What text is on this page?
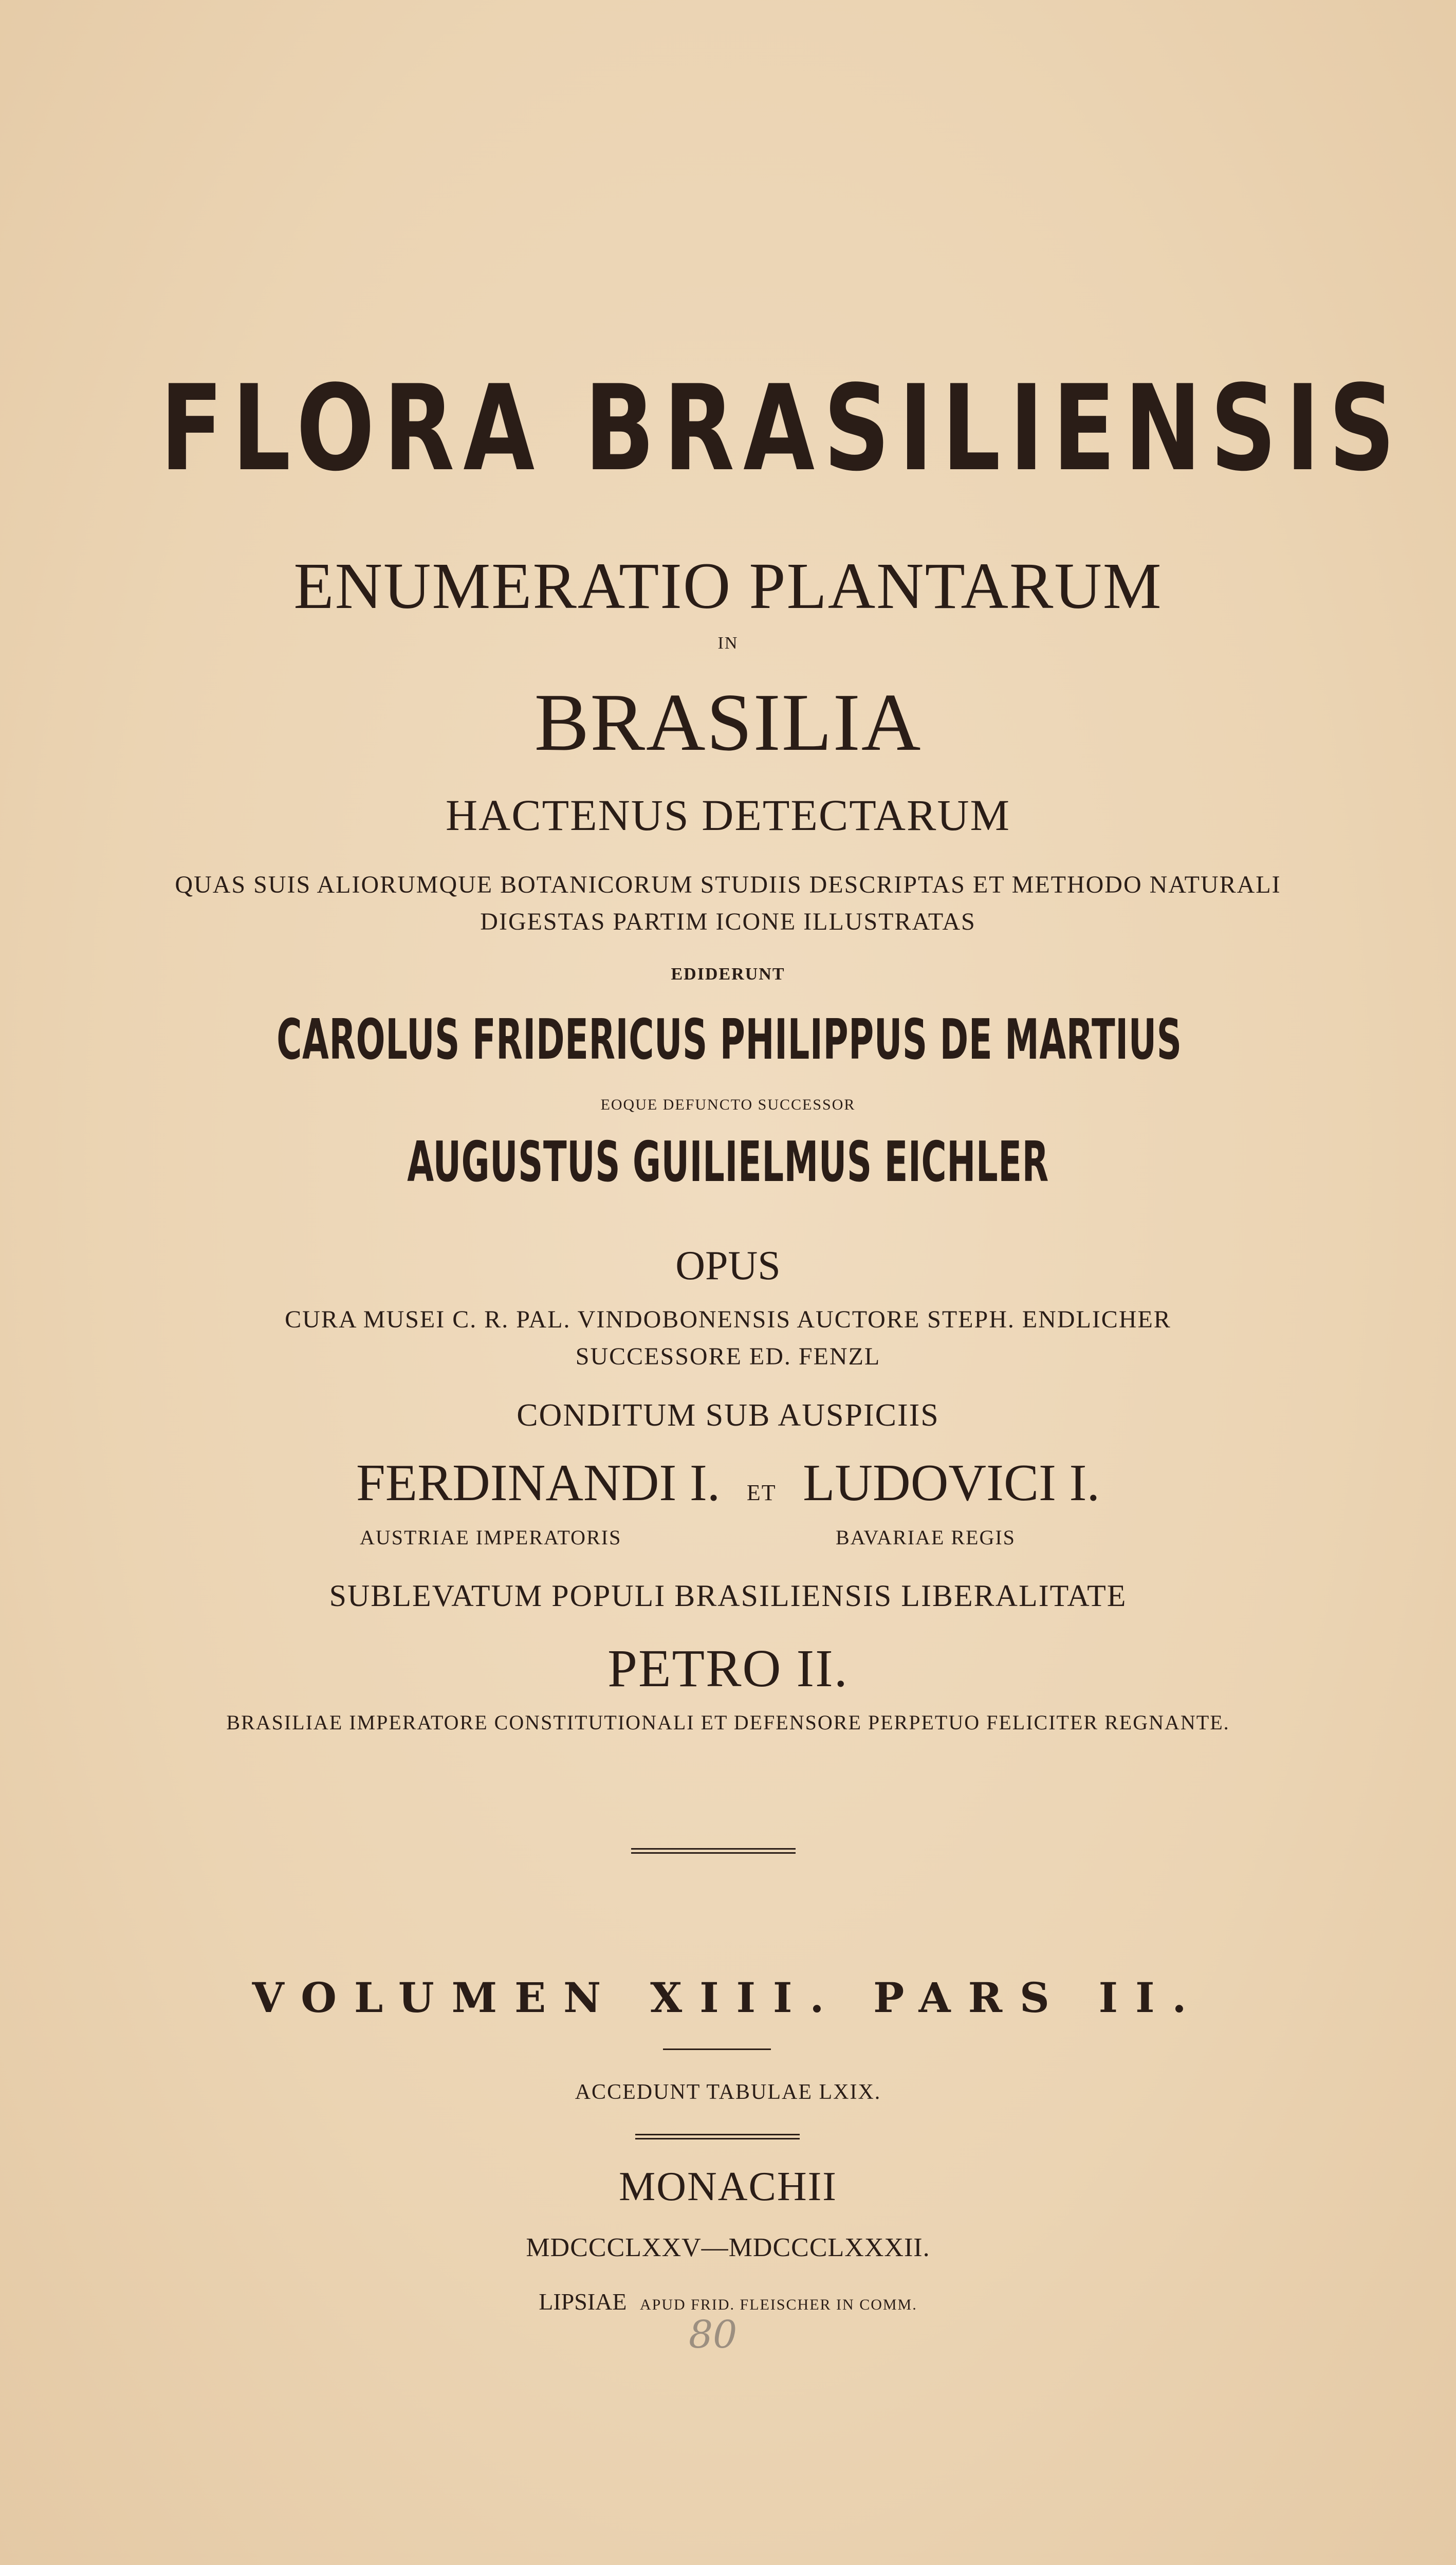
FLORA BRASILIENSIS
ENUMERATIO PLANTARUM
IN
BRASILIA
HACTENUS DETECTARUM
QUAS SUIS ALIORUMQUE BOTANICORUM STUDIIS DESCRIPTAS ET METHODO NATURALI
DIGESTAS PARTIM ICONE ILLUSTRATAS
EDIDERUNT
CAROLUS FRIDERICUS PHILIPPUS DE MARTIUS
EOQUE DEFUNCTO SUCCESSOR
AUGUSTUS GUILIELMUS EICHLER
OPUS
CURA MUSEI C. R. PAL. VINDOBONENSIS AUCTORE STEPH. ENDLICHER
SUCCESSORE ED. FENZL
CONDITUM SUB AUSPICIIS
FERDINANDI I. ET LUDOVICI I.
AUSTRIAE IMPERATORIS	BAVARIAE REGIS
SUBLEVATUM POPULI BRASILIENSIS LIBERALITATE
PETRO II.
BRASILIAE IMPERATORE CONSTITUTIONALI ET DEFENSORE PERPETUO FELICITER REGNANTE.
VOLUMEN XIII. PARS II.
ACCEDUNT TABULAE LXIX.
MONACHII
MDCCCLXXV—MDCCCLXXXII.
LIPSIAE APUD FRID. FLEISCHER IN COMM.
80
